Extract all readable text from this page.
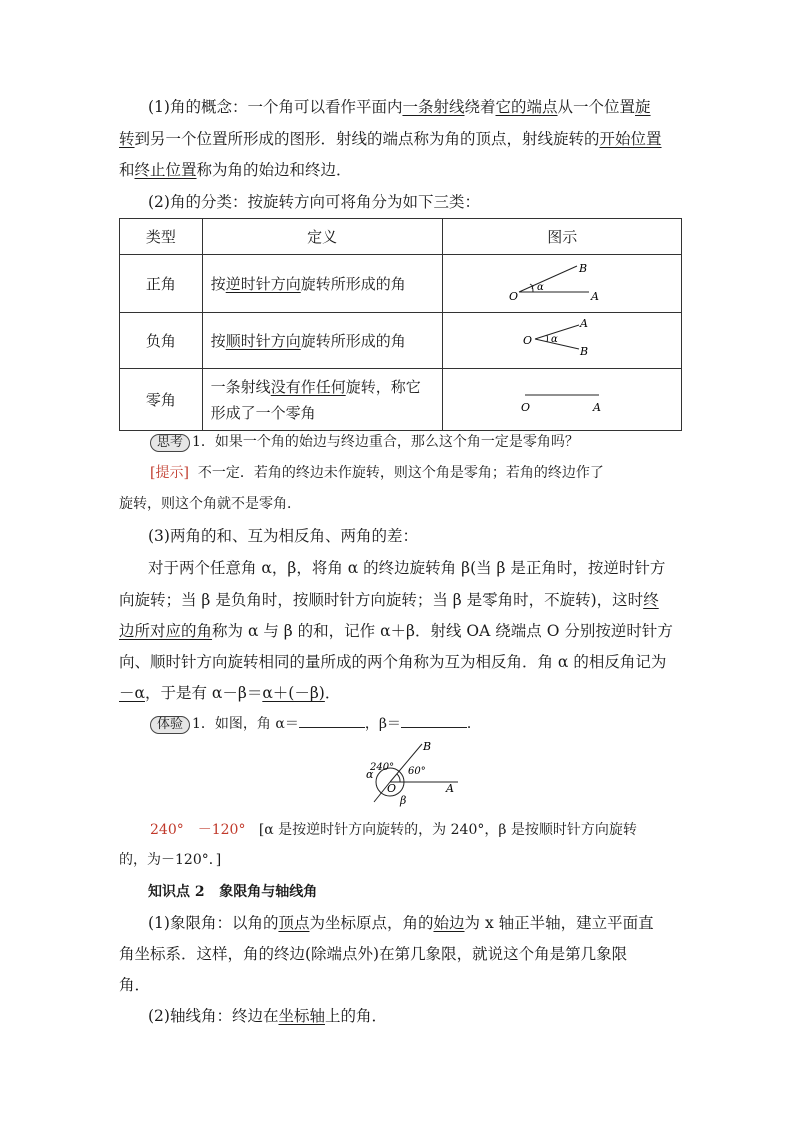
(1)角的概念：一个角可以看作平面内一条射线绕着它的端点从一个位置旋
转到另一个位置所形成的图形．射线的端点称为角的顶点，射线旋转的开始位置
和终止位置称为角的始边和终边．
(2)角的分类：按旋转方向可将角分为如下三类：
类型	定义	图示
正角	按逆时针方向旋转所形成的角	O A
B
α

负角	按顺时针方向旋转所形成的角	O
A
B
α

零角	一条射线没有作任何旋转，称它
形成了一个零角	O A
思考 1．如果一个角的始边与终边重合，那么这个角一定是零角吗？
[提示] 不一定．若角的终边未作旋转，则这个角是零角；若角的终边作了
旋转，则这个角就不是零角．
(3)两角的和、互为相反角、两角的差：
对于两个任意角 α，β，将角 α 的终边旋转角 β(当 β 是正角时，按逆时针方
向旋转；当 β 是负角时，按顺时针方向旋转；当 β 是零角时，不旋转)，这时终
边所对应的角称为 α 与 β 的和，记作 α＋β．射线 OA 绕端点 O 分别按逆时针方
向、顺时针方向旋转相同的量所成的两个角称为互为相反角．角 α 的相反角记为
－α，于是有 α－β＝α＋(－β)．
体验 1．如图，角 α＝	，β＝	．
240° 60°
α
β
O	A
B
240°　－120° [α 是按逆时针方向旋转的，为 240°，β 是按顺时针方向旋转
的，为－120°．]
知识点 2 象限角与轴线角
(1)象限角：以角的顶点为坐标原点，角的始边为 x 轴正半轴，建立平面直
角坐标系．这样，角的终边(除端点外)在第几象限，就说这个角是第几象限
角．
(2)轴线角：终边在坐标轴上的角．
